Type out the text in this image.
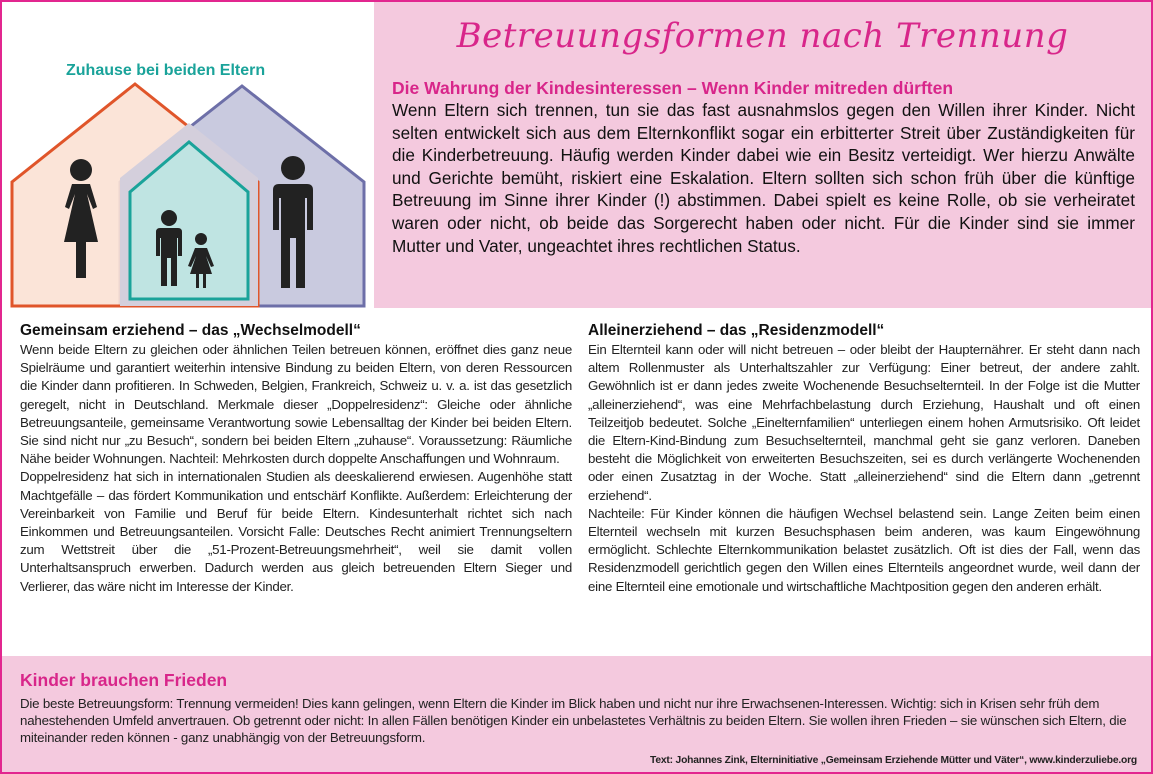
Zuhause bei beiden Eltern
Betreuungsformen nach Trennung
Die Wahrung der Kindesinteressen – Wenn Kinder mitreden dürften
Wenn Eltern sich trennen, tun sie das fast ausnahmslos gegen den Willen ihrer Kinder. Nicht selten entwickelt sich aus dem Elternkonflikt sogar ein erbitterter Streit über Zuständigkeiten für die Kinderbetreuung. Häufig werden Kinder dabei wie ein Besitz verteidigt. Wer hierzu Anwälte und Gerichte bemüht, riskiert eine Eskalation. Eltern sollten sich schon früh über die künftige Betreuung im Sinne ihrer Kinder (!) abstimmen. Dabei spielt es keine Rolle, ob sie verheiratet waren oder nicht, ob beide das Sorgerecht haben oder nicht. Für die Kinder sind sie immer Mutter und Vater, ungeachtet ihres rechtlichen Status.
Gemeinsam erziehend – das „Wechselmodell“

Wenn beide Eltern zu gleichen oder ähnlichen Teilen betreuen können, eröffnet dies ganz neue Spielräume und garantiert weiterhin intensive Bindung zu beiden Eltern, von deren Ressourcen die Kinder dann profitieren. In Schweden, Belgien, Frankreich, Schweiz u. v. a. ist das gesetzlich geregelt, nicht in Deutschland. Merkmale dieser „Doppelresidenz“: Gleiche oder ähnliche Betreuungsanteile, gemeinsame Verantwortung sowie Lebensalltag der Kinder bei beiden Eltern. Sie sind nicht nur „zu Besuch“, sondern bei beiden Eltern „zuhause“. Voraussetzung: Räumliche Nähe beider Wohnungen. Nachteil: Mehrkosten durch doppelte Anschaffungen und Wohnraum.

Doppelresidenz hat sich in internationalen Studien als deeskalierend erwiesen. Augenhöhe statt Machtgefälle – das fördert Kommunikation und entschärf Konflikte. Außerdem: Erleichterung der Vereinbarkeit von Familie und Beruf für beide Eltern. Kindesunterhalt richtet sich nach Einkommen und Betreuungsanteilen. Vorsicht Falle: Deutsches Recht animiert Trennungseltern zum Wettstreit über die „51-Prozent-Betreuungsmehrheit“, weil sie damit vollen Unterhaltsanspruch erwerben. Dadurch werden aus gleich betreuenden Eltern Sieger und Verlierer, das wäre nicht im Interesse der Kinder.

Alleinerziehend – das „Residenzmodell“

Ein Elternteil kann oder will nicht betreuen – oder bleibt der Haupternährer. Er steht dann nach altem Rollenmuster als Unterhaltszahler zur Verfügung: Einer betreut, der andere zahlt. Gewöhnlich ist er dann jedes zweite Wochenende Besuchselternteil. In der Folge ist die Mutter „alleinerziehend“, was eine Mehrfachbelastung durch Erziehung, Haushalt und oft einen Teilzeitjob bedeutet. Solche „Einelternfamilien“ unterliegen einem hohen Armutsrisiko. Oft leidet die Eltern-Kind-Bindung zum Besuchselternteil, manchmal geht sie ganz verloren. Daneben besteht die Möglichkeit von erweiterten Besuchszeiten, sei es durch verlängerte Wochenenden oder einen Zusatztag in der Woche. Statt „alleinerziehend“ sind die Eltern dann „getrennt erziehend“.

Nachteile: Für Kinder können die häufigen Wechsel belastend sein. Lange Zeiten beim einen Elternteil wechseln mit kurzen Besuchsphasen beim anderen, was kaum Eingewöhnung ermöglicht. Schlechte Elternkommunikation belastet zusätzlich. Oft ist dies der Fall, wenn das Residenzmodell gerichtlich gegen den Willen eines Elternteils angeordnet wurde, weil dann der eine Elternteil eine emotionale und wirtschaftliche Machtposition gegen den anderen erhält.

Kinder brauchen Frieden
Die beste Betreuungsform: Trennung vermeiden! Dies kann gelingen, wenn Eltern die Kinder im Blick haben und nicht nur ihre Erwachsenen-Interessen. Wichtig: sich in Krisen sehr früh dem nahestehenden Umfeld anvertrauen. Ob getrennt oder nicht: In allen Fällen benötigen Kinder ein unbelastetes Verhältnis zu beiden Eltern. Sie wollen ihren Frieden – sie wünschen sich Eltern, die miteinander reden können - ganz unabhängig von der Betreuungsform.
Text: Johannes Zink, Elterninitiative „Gemeinsam Erziehende Mütter und Väter“, www.kinderzuliebe.org
